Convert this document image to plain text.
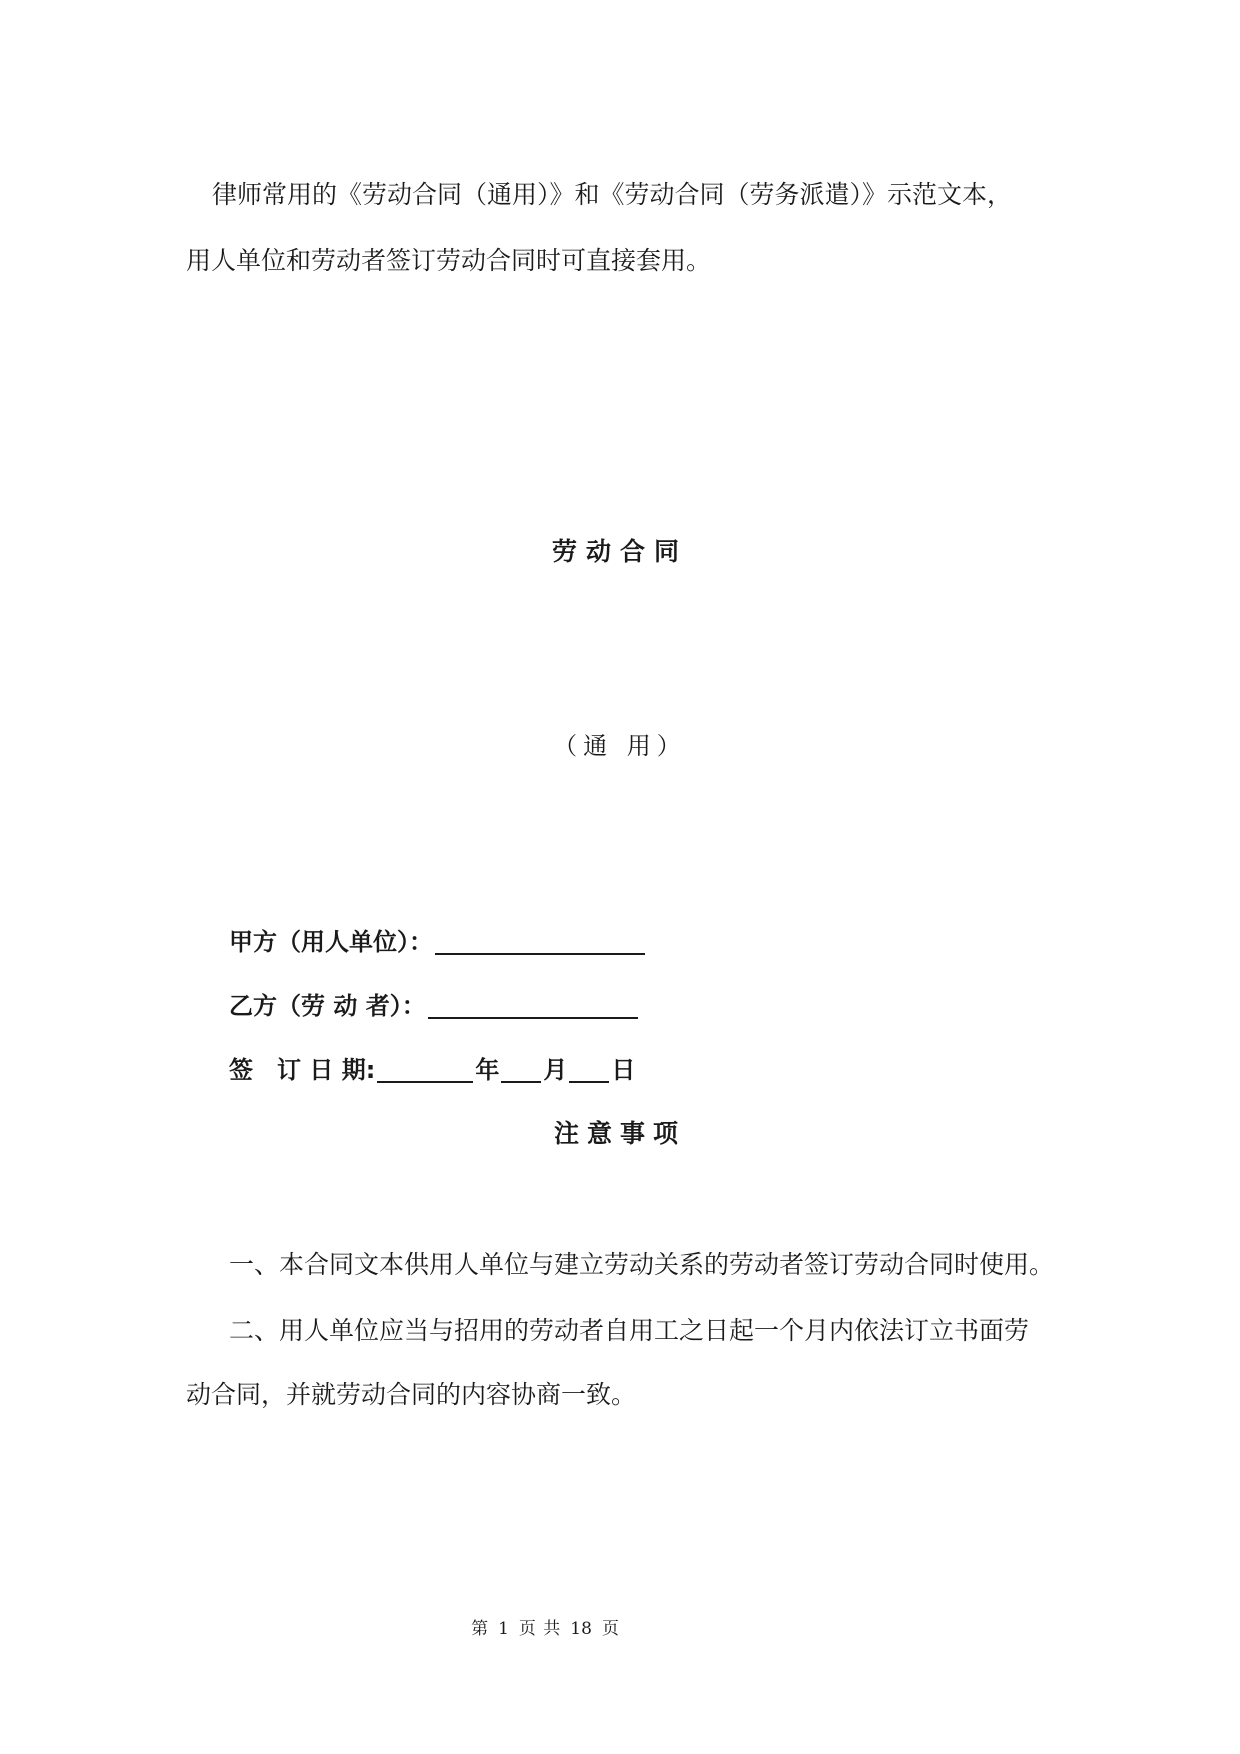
律师常用的《劳动合同（通用）》和《劳动合同（劳务派遣）》示范文本，

用人单位和劳动者签订劳动合同时可直接套用。

劳动合同

（通 用）

甲方（用人单位）：
乙方（劳 动 者）：
签　订 日 期:	年 月 日
注意事项

一、本合同文本供用人单位与建立劳动关系的劳动者签订劳动合同时使用。

二、用人单位应当与招用的劳动者自用工之日起一个月内依法订立书面劳

动合同，并就劳动合同的内容协商一致。

第 1 页 共 18 页
